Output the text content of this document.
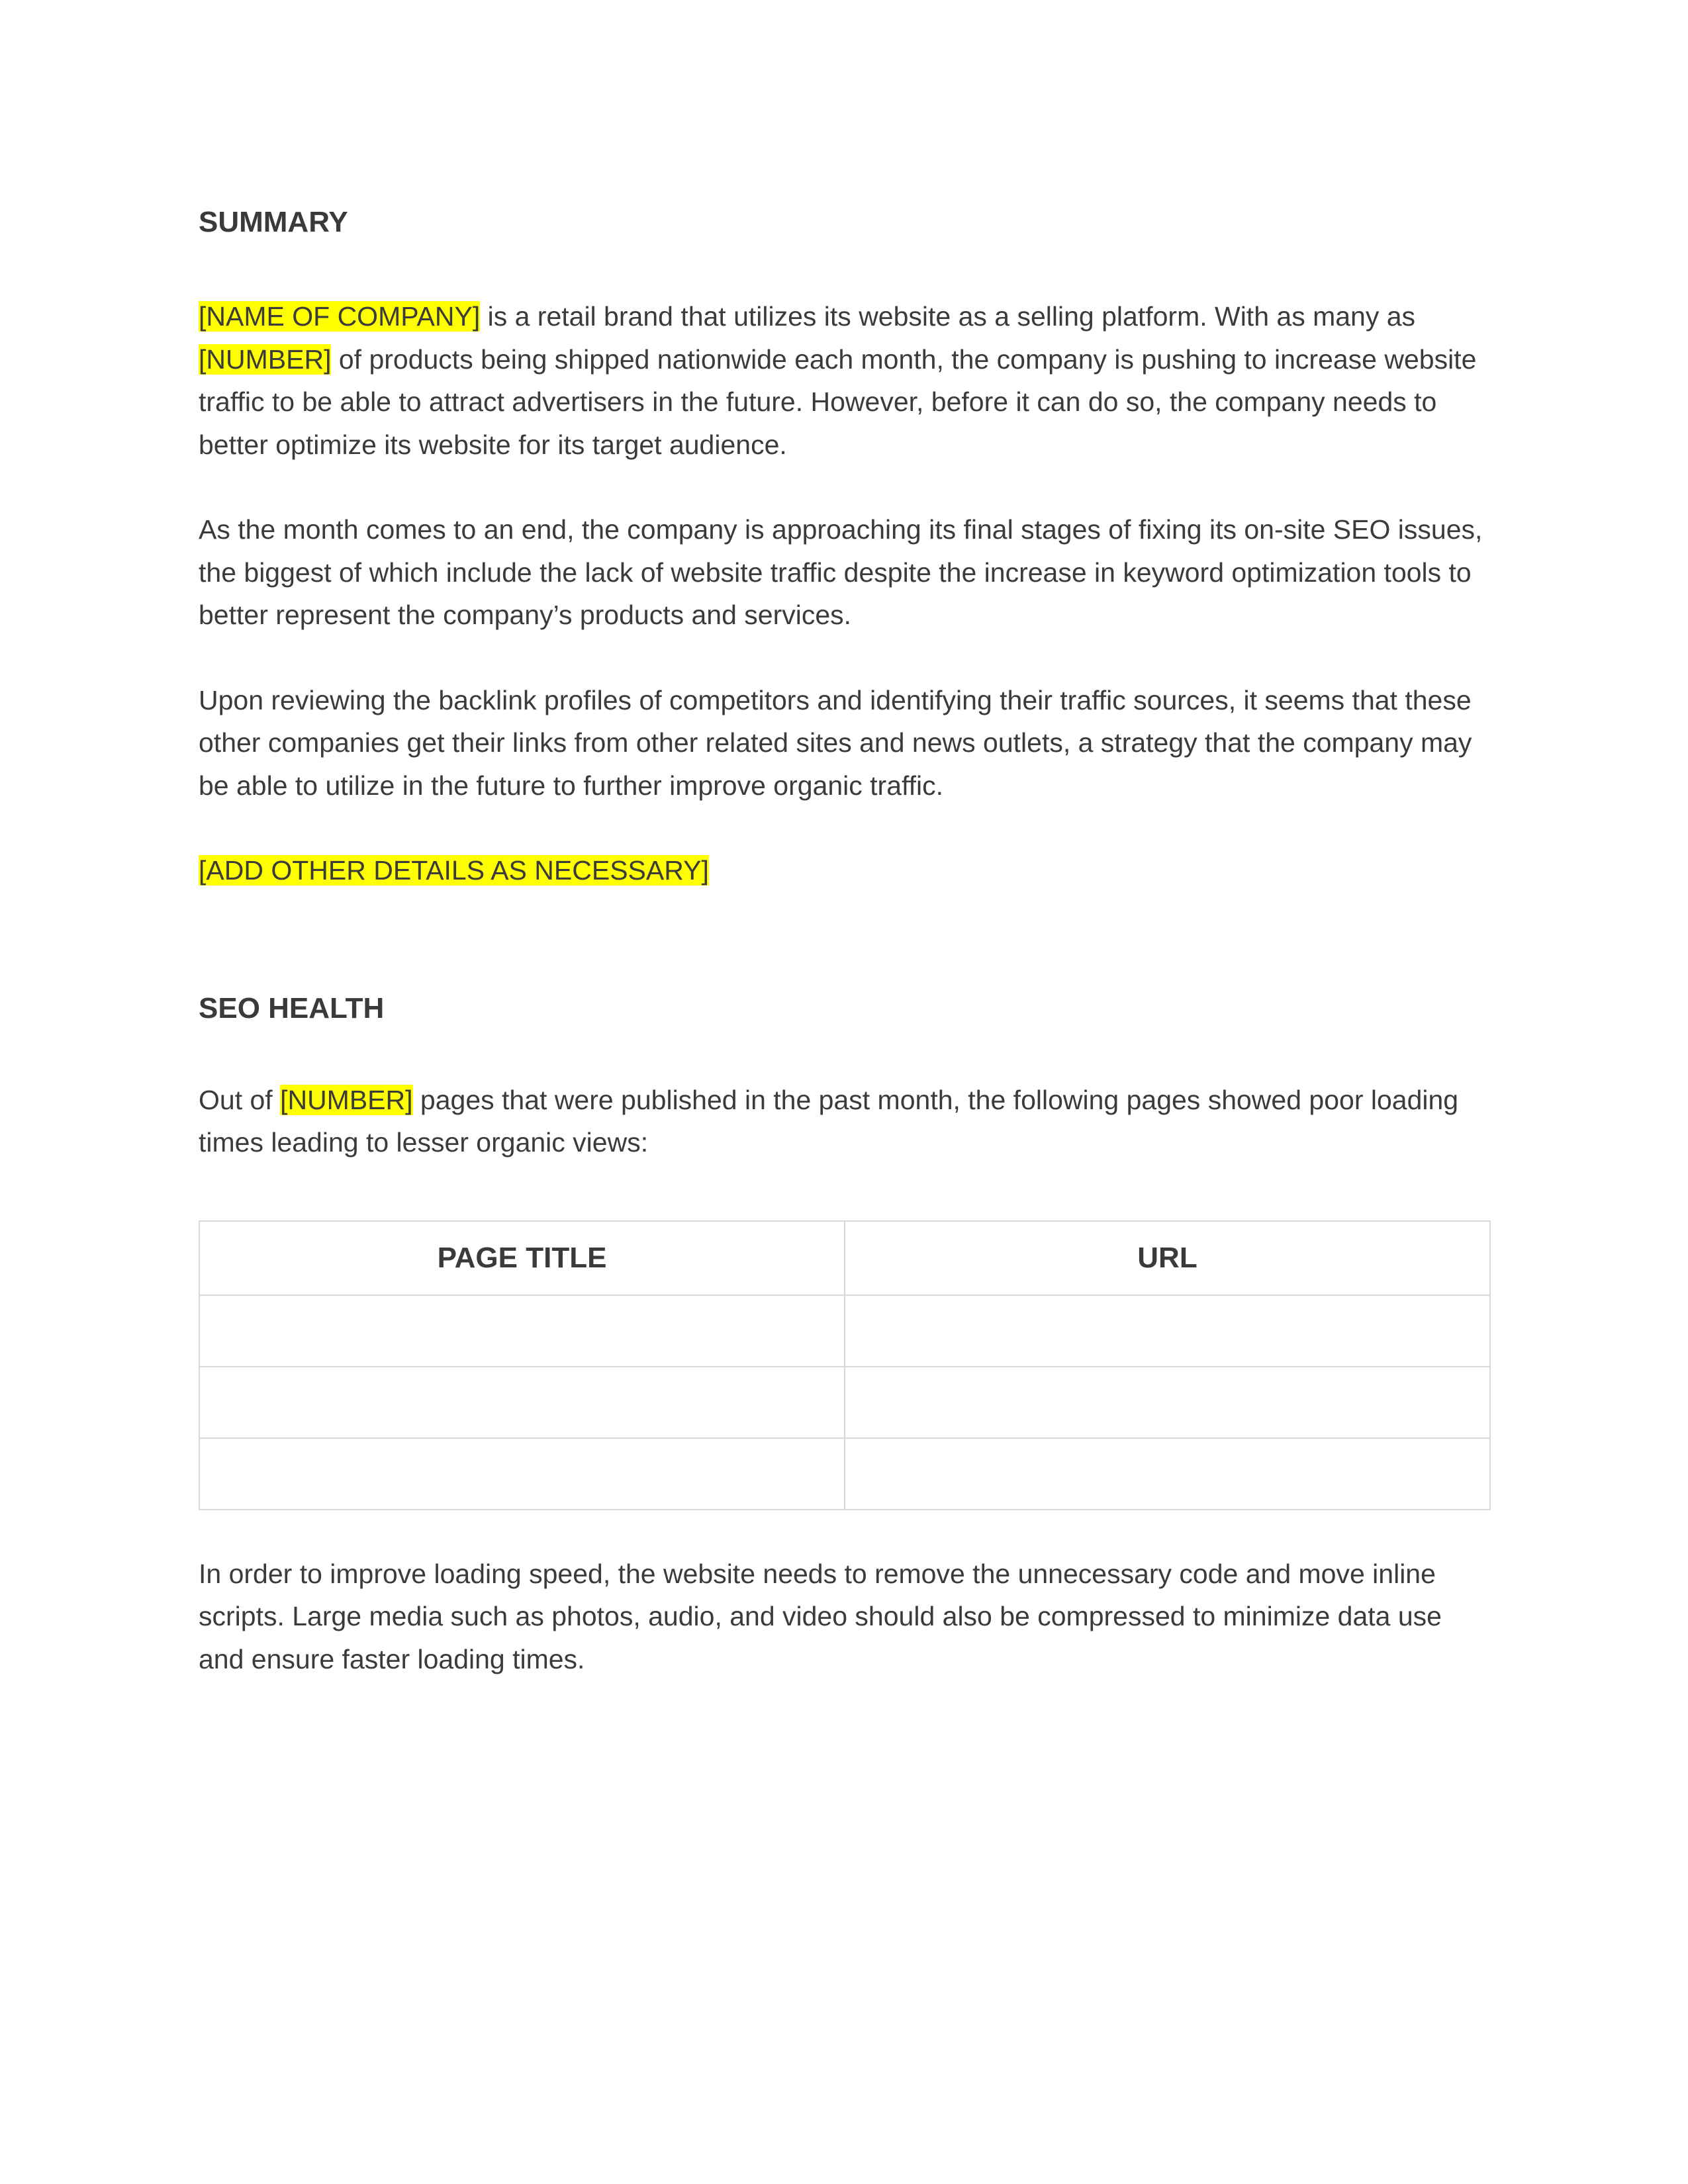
SUMMARY

[NAME OF COMPANY] is a retail brand that utilizes its website as a selling platform. With as many as [NUMBER] of products being shipped nationwide each month, the company is pushing to increase website traffic to be able to attract advertisers in the future. However, before it can do so, the company needs to better optimize its website for its target audience.

As the month comes to an end, the company is approaching its final stages of fixing its on-site SEO issues, the biggest of which include the lack of website traffic despite the increase in keyword optimization tools to better represent the company’s products and services.

Upon reviewing the backlink profiles of competitors and identifying their traffic sources, it seems that these other companies get their links from other related sites and news outlets, a strategy that the company may be able to utilize in the future to further improve organic traffic.

[ADD OTHER DETAILS AS NECESSARY]

SEO HEALTH

Out of [NUMBER] pages that were published in the past month, the following pages showed poor loading times leading to lesser organic views:

PAGE TITLE	URL

In order to improve loading speed, the website needs to remove the unnecessary code and move inline scripts. Large media such as photos, audio, and video should also be compressed to minimize data use and ensure faster loading times.
